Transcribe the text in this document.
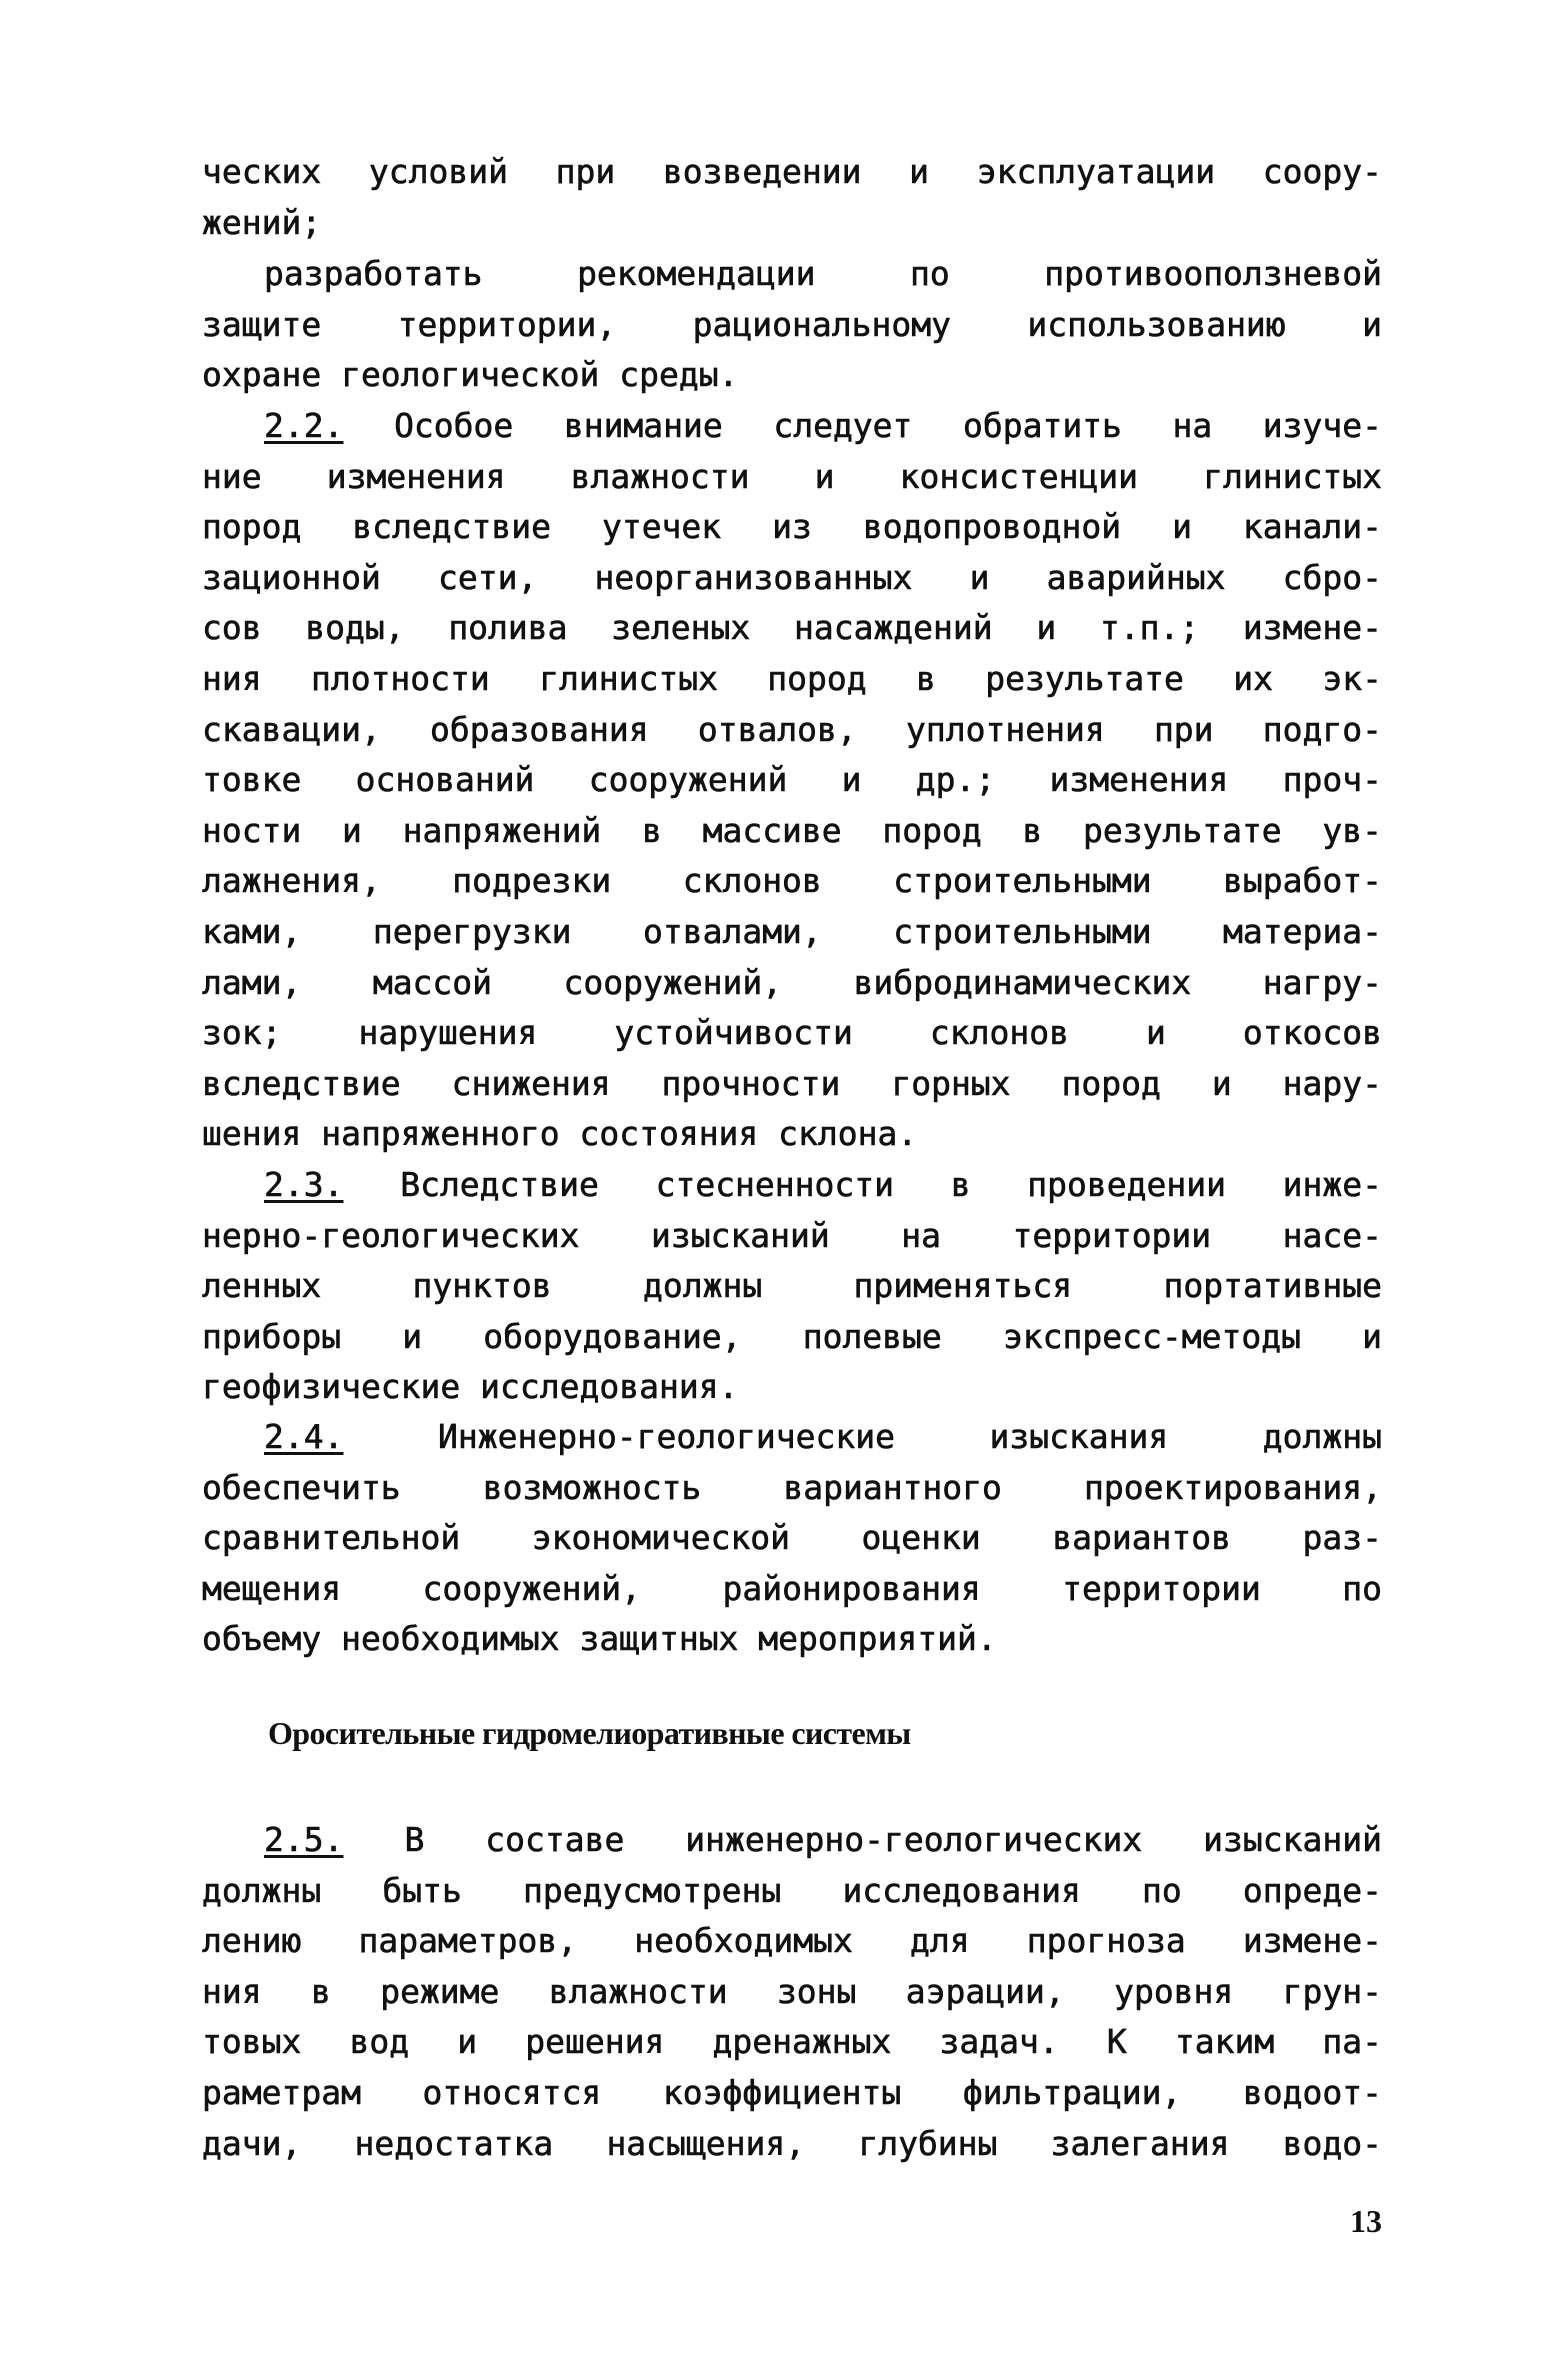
ческих условий при возведении и эксплуатации соору-
жений;
разработать рекомендации по противооползневой
защите территории, рациональному использованию и
охране геологической среды.
2.2. Особое внимание следует обратить на изуче-
ние изменения влажности и консистенции глинистых
пород вследствие утечек из водопроводной и канали-
зационной сети, неорганизованных и аварийных сбро-
сов воды, полива зеленых насаждений и т.п.; измене-
ния плотности глинистых пород в результате их эк-
скавации, образования отвалов, уплотнения при подго-
товке оснований сооружений и др.; изменения проч-
ности и напряжений в массиве пород в результате ув-
лажнения, подрезки склонов строительными выработ-
ками, перегрузки отвалами, строительными материа-
лами, массой сооружений, вибродинамических нагру-
зок; нарушения устойчивости склонов и откосов
вследствие снижения прочности горных пород и нару-
шения напряженного состояния склона.
2.3. Вследствие стесненности в проведении инже-
нерно-геологических изысканий на территории насе-
ленных пунктов должны применяться портативные
приборы и оборудование, полевые экспресс-методы и
геофизические исследования.
2.4.	Инженерно-геологические изыскания должны
обеспечить возможность вариантного проектирования,
сравнительной экономической оценки вариантов раз-
мещения сооружений, районирования территории по
объему необходимых защитных мероприятий.
Оросительные гидромелиоративные системы
2.5. В составе инженерно-геологических изысканий
должны быть предусмотрены исследования по опреде-
лению параметров, необходимых для прогноза измене-
ния в режиме влажности зоны аэрации, уровня грун-
товых вод и решения дренажных задач. К таким па-
раметрам относятся коэффициенты фильтрации, водоот-
дачи, недостатка насыщения, глубины залегания водо-
13
